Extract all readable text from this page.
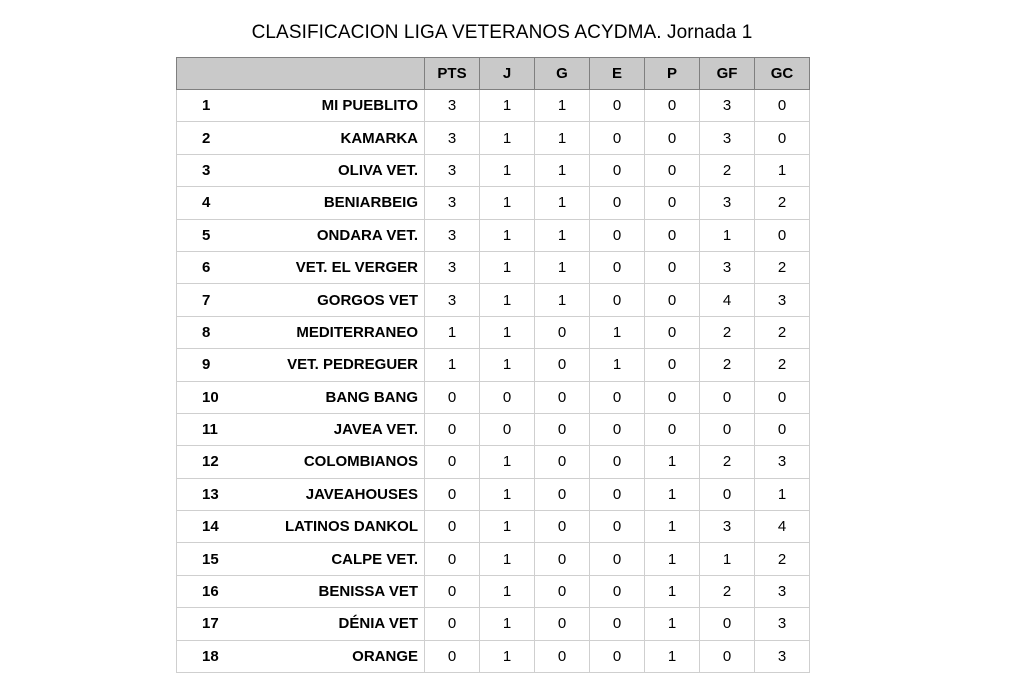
CLASIFICACION LIGA VETERANOS ACYDMA. Jornada 1
		PTS	J	G	E	P	GF	GC
1	MI PUEBLITO	3	1	1	0	0	3	0
2	KAMARKA	3	1	1	0	0	3	0
3	OLIVA VET.	3	1	1	0	0	2	1
4	BENIARBEIG	3	1	1	0	0	3	2
5	ONDARA VET.	3	1	1	0	0	1	0
6	VET. EL VERGER	3	1	1	0	0	3	2
7	GORGOS VET	3	1	1	0	0	4	3
8	MEDITERRANEO	1	1	0	1	0	2	2
9	VET. PEDREGUER	1	1	0	1	0	2	2
10	BANG BANG	0	0	0	0	0	0	0
11	JAVEA VET.	0	0	0	0	0	0	0
12	COLOMBIANOS	0	1	0	0	1	2	3
13	JAVEAHOUSES	0	1	0	0	1	0	1
14	LATINOS DANKOL	0	1	0	0	1	3	4
15	CALPE VET.	0	1	0	0	1	1	2
16	BENISSA VET	0	1	0	0	1	2	3
17	DÉNIA VET	0	1	0	0	1	0	3
18	ORANGE	0	1	0	0	1	0	3
